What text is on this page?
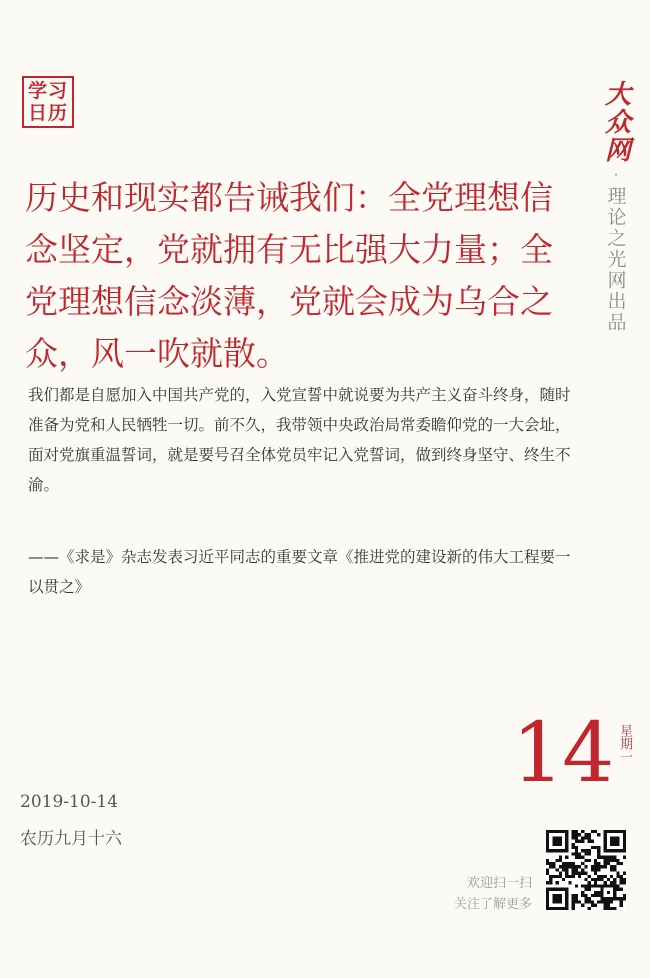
学习
日历	大众网
·
理论之光网出品
历史和现实都告诫我们：全党理想信念坚定，党就拥有无比强大力量；全党理想信念淡薄，党就会成为乌合之众，风一吹就散。

我们都是自愿加入中国共产党的，入党宣誓中就说要为共产主义奋斗终身，随时准备为党和人民牺牲一切。前不久，我带领中央政治局常委瞻仰党的一大会址，面对党旗重温誓词，就是要号召全体党员牢记入党誓词，做到终身坚守、终生不渝。

——《求是》杂志发表习近平同志的重要文章《推进党的建设新的伟大工程要一以贯之》

14 星期一
2019-10-14
农历九月十六
欢迎扫一扫
关注了解更多
